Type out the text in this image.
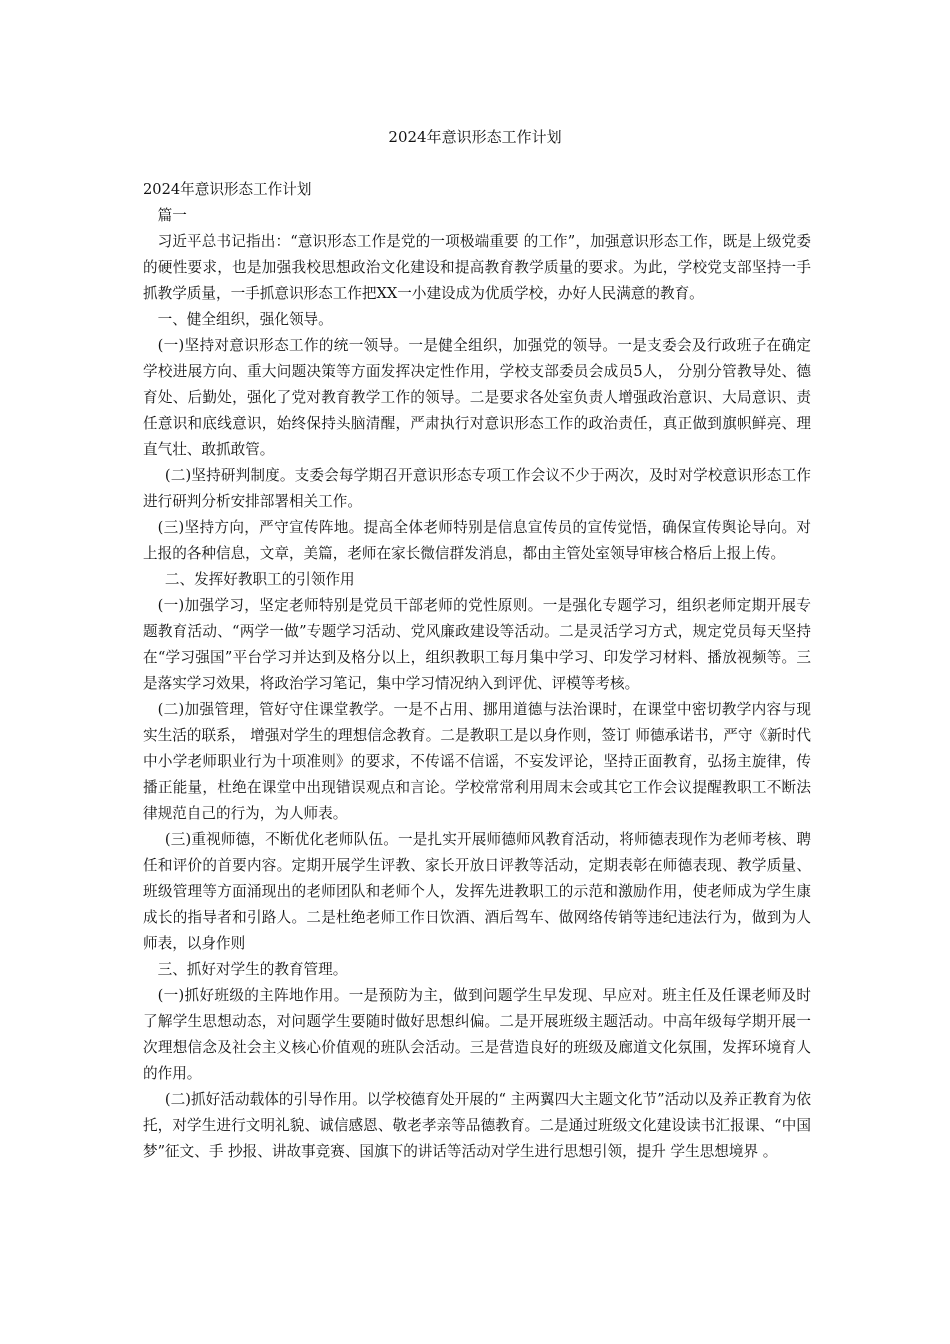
2024年意识形态工作计划

2024年意识形态工作计划

篇一

习近平总书记指出：“意识形态工作是党的一项极端重要 的工作”，加强意识形态工作，既是上级党委的硬性要求，也是加强我校思想政治文化建设和提高教育教学质量的要求。为此，学校党支部坚持一手抓教学质量，一手抓意识形态工作把XX一小建设成为优质学校，办好人民满意的教育。

一、健全组织，强化领导。

(一)坚持对意识形态工作的统一领导。一是健全组织，加强党的领导。一是支委会及行政班子在确定学校进展方向、重大问题决策等方面发挥决定性作用，学校支部委员会成员5人， 分别分管教导处、德育处、后勤处，强化了党对教育教学工作的领导。二是要求各处室负责人增强政治意识、大局意识、责任意识和底线意识，始终保持头脑清醒，严肃执行对意识形态工作的政治责任，真正做到旗帜鲜亮、理直气壮、敢抓敢管。

(二)坚持研判制度。支委会每学期召开意识形态专项工作会议不少于两次，及时对学校意识形态工作进行研判分析安排部署相关工作。

(三)坚持方向，严守宣传阵地。提高全体老师特别是信息宣传员的宣传觉悟，确保宣传舆论导向。对上报的各种信息，文章，美篇，老师在家长微信群发消息，都由主管处室领导审核合格后上报上传。

二、发挥好教职工的引领作用

(一)加强学习，坚定老师特别是党员干部老师的党性原则。一是强化专题学习，组织老师定期开展专题教育活动、“两学一做”专题学习活动、党风廉政建设等活动。二是灵活学习方式，规定党员每天坚持在“学习强国”平台学习并达到及格分以上，组织教职工每月集中学习、印发学习材料、播放视频等。三是落实学习效果，将政治学习笔记，集中学习情况纳入到评优、评模等考核。

(二)加强管理，管好守住课堂教学。一是不占用、挪用道德与法治课时，在课堂中密切教学内容与现实生活的联系， 增强对学生的理想信念教育。二是教职工是以身作则，签订 师德承诺书，严守《新时代中小学老师职业行为十项准则》的要求，不传谣不信谣，不妄发评论，坚持正面教育，弘扬主旋律，传播正能量，杜绝在课堂中出现错误观点和言论。学校常常利用周末会或其它工作会议提醒教职工不断法律规范自己的行为，为人师表。

(三)重视师德，不断优化老师队伍。一是扎实开展师德师风教育活动，将师德表现作为老师考核、聘任和评价的首要内容。定期开展学生评教、家长开放日评教等活动，定期表彰在师德表现、教学质量、班级管理等方面涌现出的老师团队和老师个人，发挥先进教职工的示范和激励作用，使老师成为学生康成长的指导者和引路人。二是杜绝老师工作日饮酒、酒后驾车、做网络传销等违纪违法行为，做到为人师表，以身作则

三、抓好对学生的教育管理。

(一)抓好班级的主阵地作用。一是预防为主，做到问题学生早发现、早应对。班主任及任课老师及时了解学生思想动态，对问题学生要随时做好思想纠偏。二是开展班级主题活动。中高年级每学期开展一次理想信念及社会主义核心价值观的班队会活动。三是营造良好的班级及廊道文化氛围，发挥环境育人的作用。

(二)抓好活动载体的引导作用。以学校德育处开展的“ 主两翼四大主题文化节”活动以及养正教育为依托，对学生进行文明礼貌、诚信感恩、敬老孝亲等品德教育。二是通过班级文化建设读书汇报课、“中国梦”征文、手 抄报、讲故事竞赛、国旗下的讲话等活动对学生进行思想引领，提升 学生思想境界 。
